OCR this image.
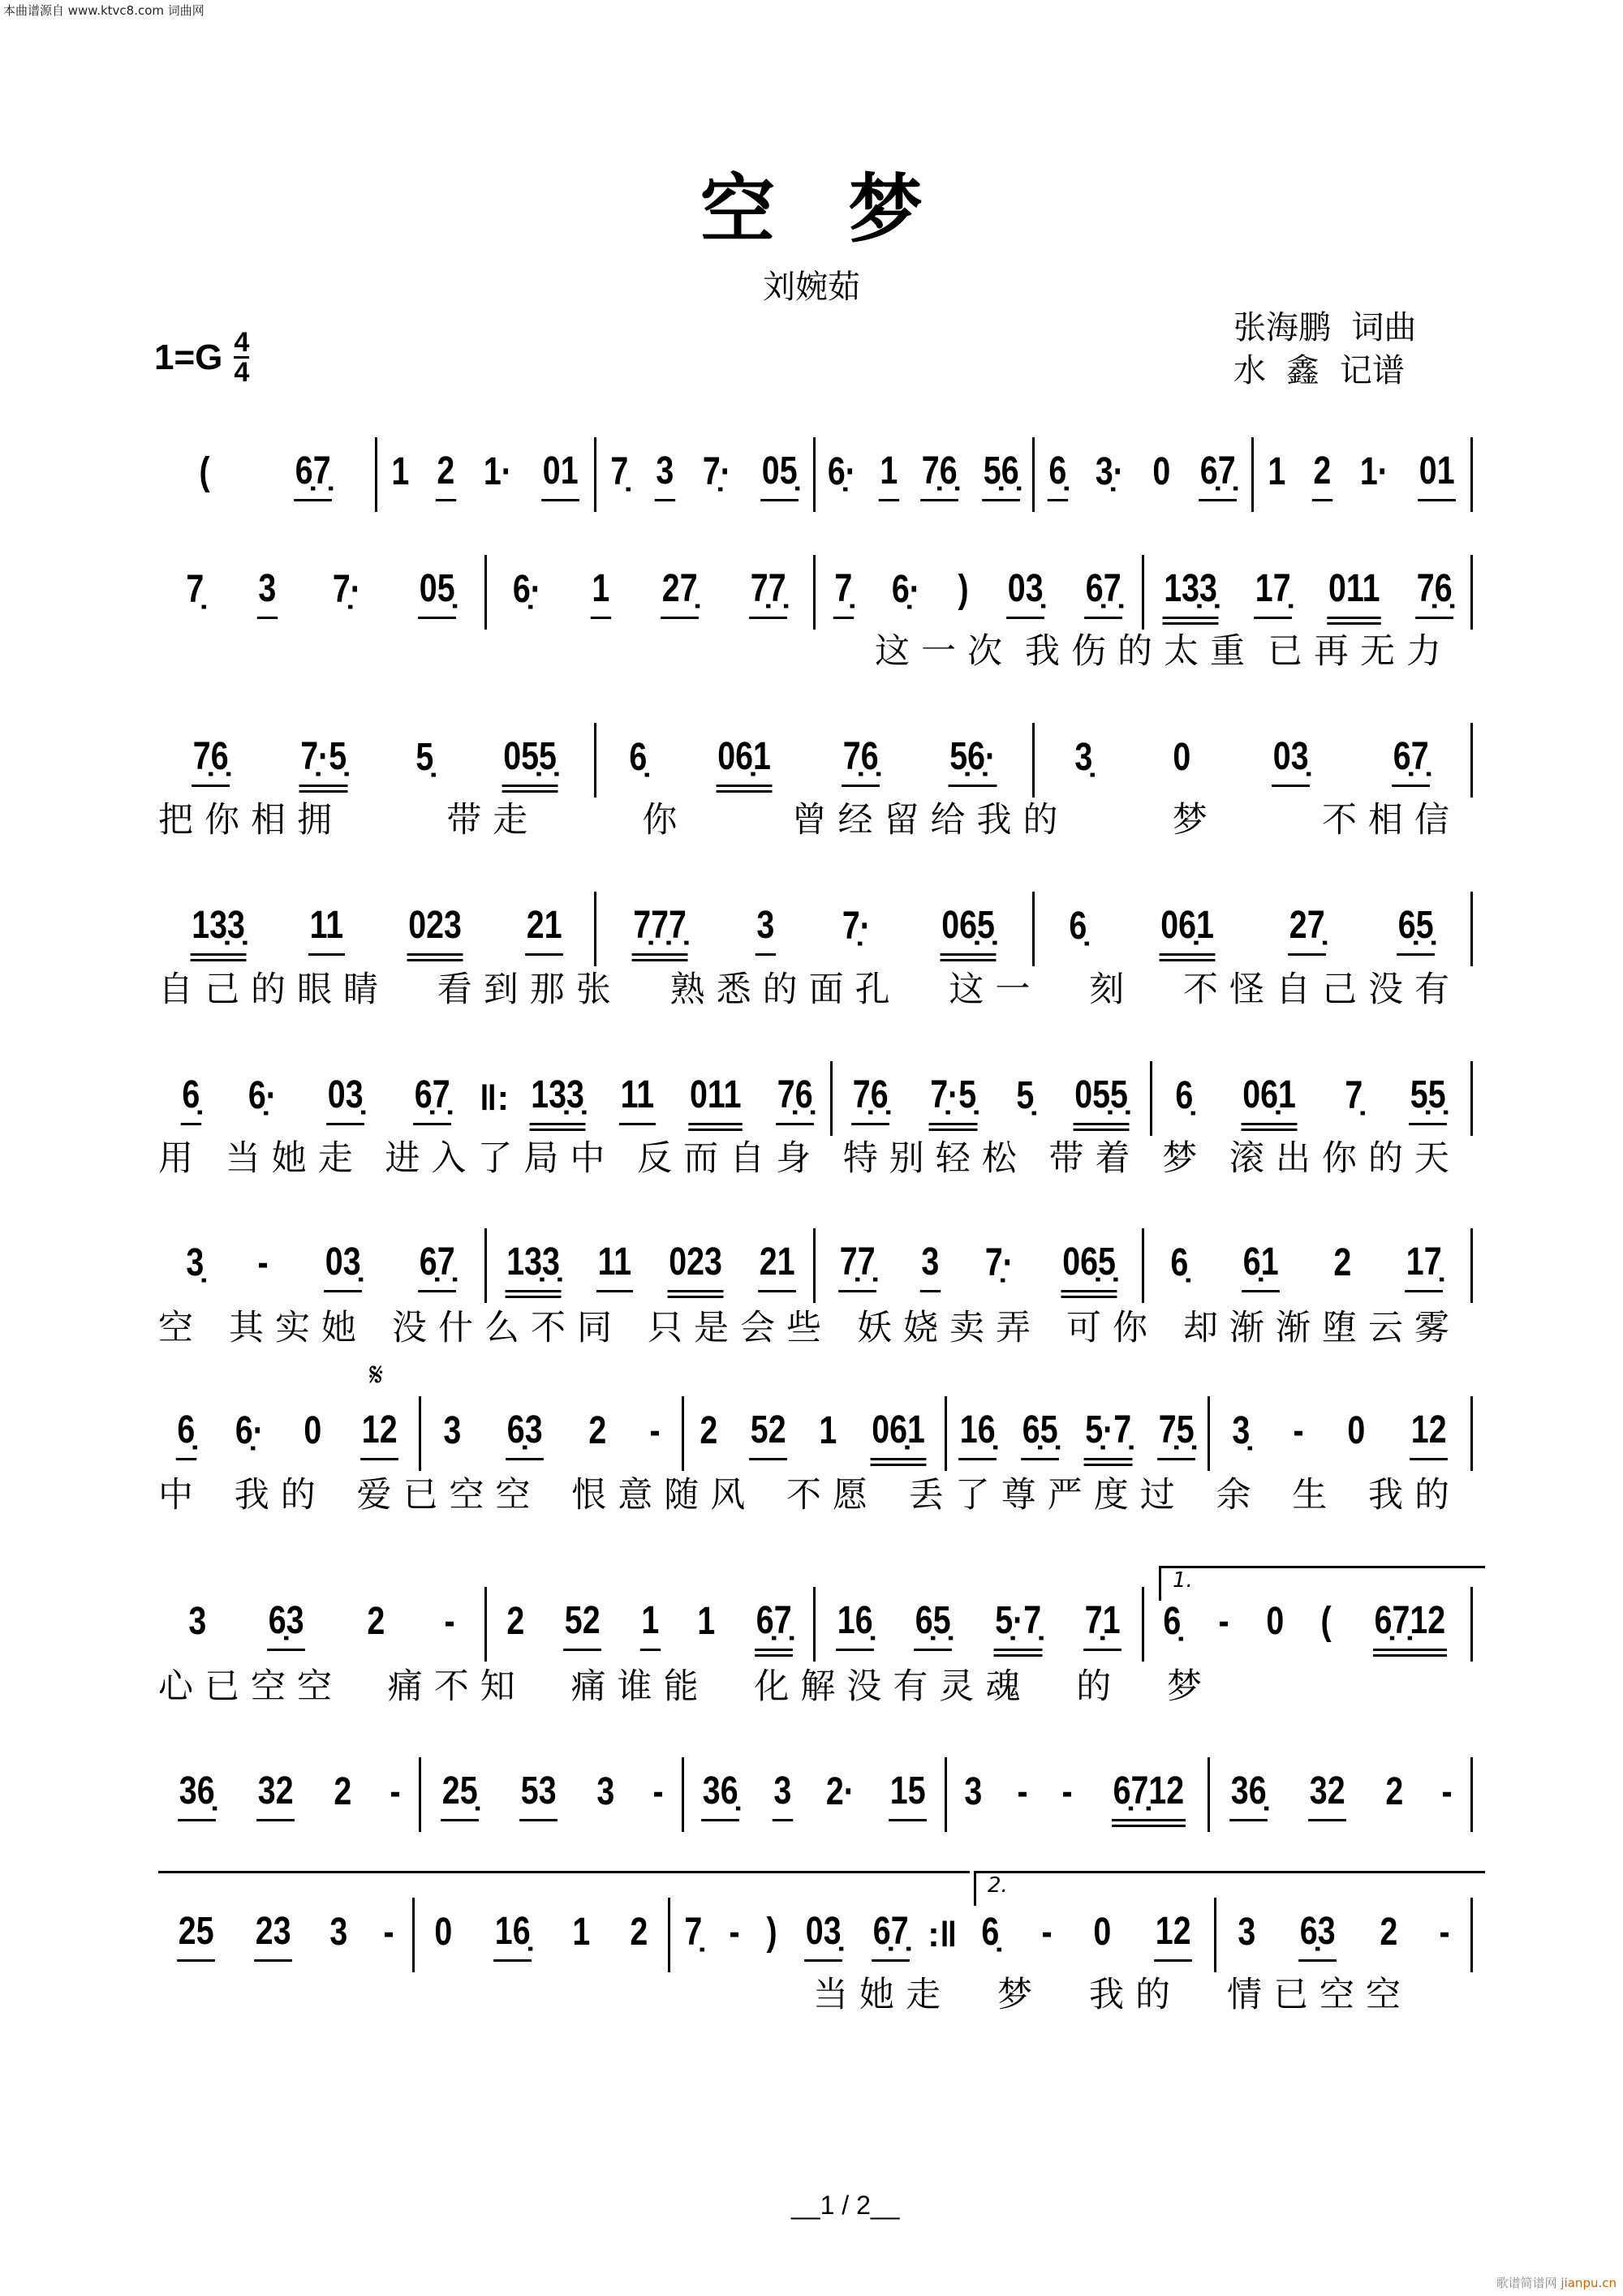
本曲谱源自 www.ktvc8.com 词曲网
空梦
刘婉茹
张海鹏  词曲
水  鑫  记谱
$1=G \frac{4}{4}$
𝄋
1.
2.
( 6̣7̣ 1 2 1· 01 7̣ 3 7̣· 05̣ 6̣· 1 7̣6̣ 5̣6̣ 6̣ 3̣· 0 6̣7̣ 1 2 1· 01
7̣ 3 7̣· 05̣ 6̣· 1 27̣ 7̣7̣ 7̣ 6̣· ) 03̣ 6̣7̣ 13̣3̣ 17̣ 011 7̣6̣
7̣6̣ 7̣·5̣ 5̣ 05̣5̣ 6̣ 06̣1 7̣6̣ 5̣6̣· 3̣ 0 03̣ 6̣7̣
13̣3̣ 11 023 21 7̣7̣7̣ 3 7̣· 06̣5̣ 6̣ 06̣1 27̣ 6̣5̣
6̣ 6̣· 03̣ 6̣7̣ ‖: 13̣3̣ 11 011 7̣6̣ 7̣6̣ 7̣·5̣ 5̣ 05̣5̣ 6̣ 06̣1 7̣ 5̣5̣
3̣ - 03̣ 6̣7̣ 13̣3̣ 11 023 21 7̣7̣ 3 7̣· 06̣5̣ 6̣ 6̣1 2 17̣
6̣ 6̣· 0 12 3 6̣3 2 - 2 52 1 06̣1 16̣ 6̣5̣ 5̣·7̣ 7̣5̣ 3̣ - 0 12
3 6̣3 2 - 2 52 1 1 6̣7̣ 16̣ 6̣5̣ 5̣·7̣ 7̣1 6̣ - 0 ( 6̣7̣12
36̣ 32 2 - 25̣ 53 3 - 36̣ 3 2· 15 3 - - 6̣7̣12 36̣ 32 2 -
25 23 3 - 0 16̣ 1 2 7̣ - ) 03̣ 6̣7̣ :‖ 6̣ - 0 12 3 6̣3 2 -
这一次 我伤的太重 已再无力
把你相拥	带走	你	曾经留给我的	梦	不相信
自己的眼睛 看到那张 熟悉的面孔 这一 刻 不怪自己没有
用 当她走 进入了局中 反而自身 特别轻松 带着 梦 滚出你的天
空 其实她 没什么不同 只是会些 妖娆卖弄 可你 却渐渐堕云雾
中 我的 爱已空空 恨意随风 不愿 丢了尊严度过 余 生 我的
心已空空 痛不知 痛谁能 化解没有灵魂 的 梦
当她走 梦 我的 情已空空
__1 / 2__
歌谱简谱网 jianpu.cn
